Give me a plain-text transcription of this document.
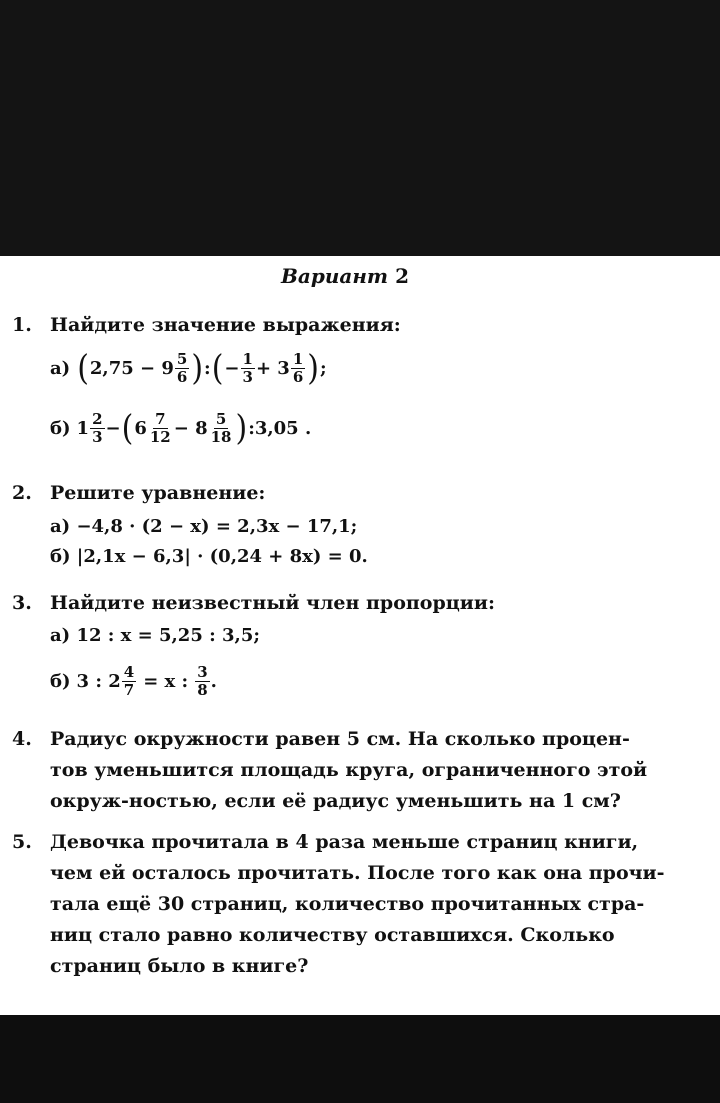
Вариант 2
1. Найдите значение выражения:
а) ( $2,75 - 9 \frac{5}{6}$ ) : ( − $\frac{1}{3} + 3 \frac{1}{6}$ ) ;
б) $1 \frac{2}{3}$ − ( $6 \frac{7}{12} - 8 \frac{5}{18}$ ) :3,05 .
2. Решите уравнение:
а) −4,8 · (2 − x) = 2,3x − 17,1;
б) |2,1x − 6,3| · (0,24 + 8x) = 0.
3. Найдите неизвестный член пропорции:
а) 12 : x = 5,25 : 3,5;
б) 3 : $2 \frac{4}{7} = x$ : $\frac{3}{8}$ .
4. Радиус окружности равен 5 см. На сколько процен-
тов уменьшится площадь круга, ограниченного этой
окруж-ностью, если её радиус уменьшить на 1 см?
5. Девочка прочитала в 4 раза меньше страниц книги,
чем ей осталось прочитать. После того как она прочи-
тала ещё 30 страниц, количество прочитанных стра-
ниц стало равно количеству оставшихся. Сколько
страниц было в книге?
